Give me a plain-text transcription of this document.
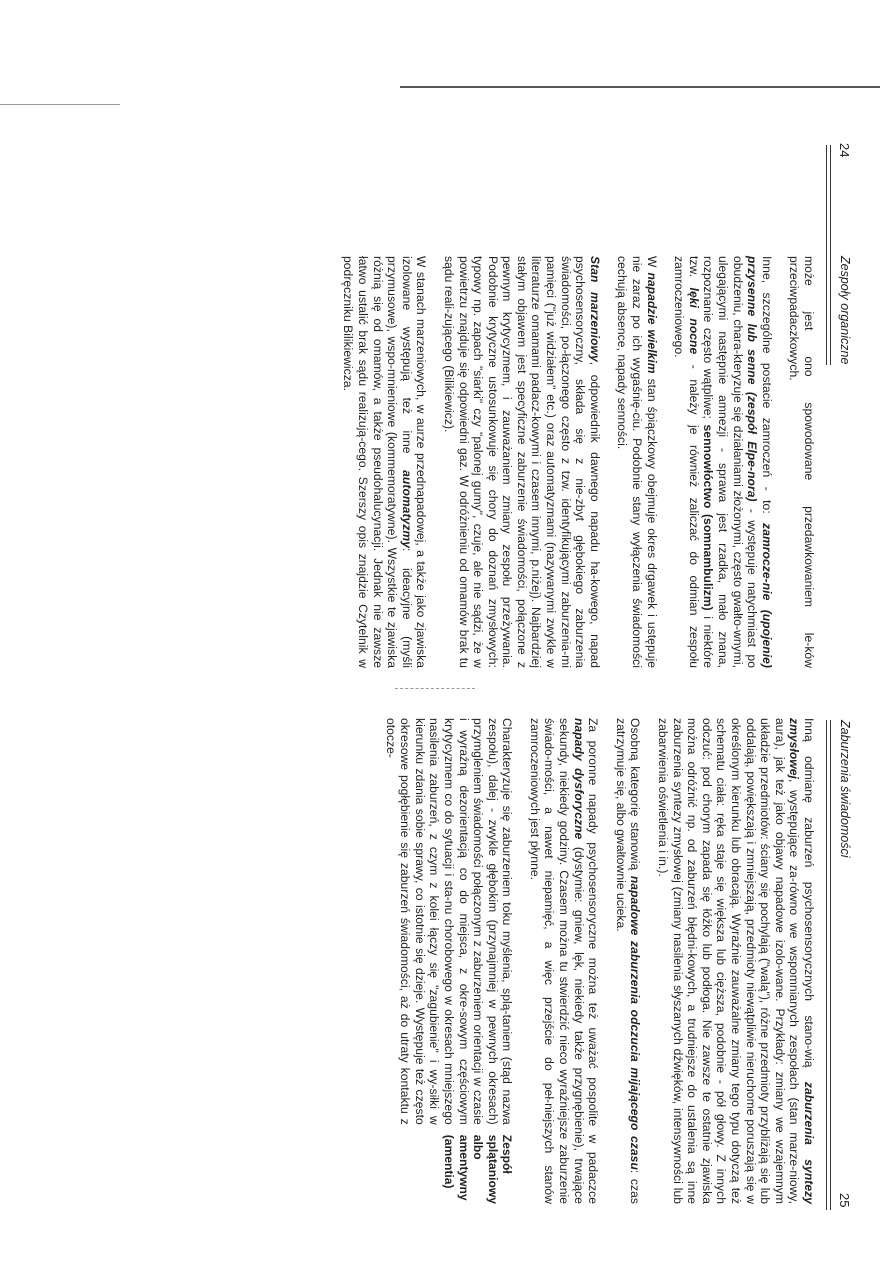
24
Zespoły organiczne

może jest ono spowodowane przedawkowaniem le-ków przeciwpadaczkowych.

Inne, szczególne postacie zamroczeń - to: zamrocze-nie (upojenie) przysenne lub senne (zespół Elpe-nora) - występuje natychmiast po obudzeniu, chara-kteryzuje się działaniami złożonymi, często gwałto-wnymi, ulegającymi następnie amnezji - sprawa jest rzadka, mało znana, rozpoznanie często wątpliwe; sennowłóctwo (somnambulizm) i niektóre tzw. lęki nocne - należy je również zaliczać do odmian zespołu zamroczeniowego.

W napadzie wielkim stan śpiączkowy obejmuje okres drgawek i ustępuje nie zaraz po ich wygaśnię-ciu. Podobnie stany wyłączenia świadomości cechują absence, napady senności.

Stan marzeniowy, odpowiednik dawnego napadu ha-kowego, napad psychosensoryczny, składa się z nie-zbyt głębokiego zaburzenia świadomości, po-łączonego często z tzw. identyfikującymi zaburzenia-mi pamięci ("już widziałem" etc.) oraz automatyzmami (nazywanymi zwykle w literaturze omamami padacz-kowymi i czasem innymi, p.niżej). Najbardziej stałym objawem jest specyficzne zaburzenie świadomości, połączone z pewnym krytycyzmem, i zauważaniem zmiany zespołu przeżywania. Podobnie krytyczne ustosunkowuje się chory do doznań zmysłowych: typowy np. zapach "siarki" czy "palonej gumy", czuje, ale nie sądzi, że w powietrzu znajduje się odpowiedni gaz. W odróżnieniu od omamów brak tu sądu reali-zującego (Bilikiewicz).

W stanach marzeniowych, w aurze przednapadowej, a także jako zjawiska izolowane występują też inne automatyzmy: ideacyjne (myśli przymusowe), wspo-mnieniowe (kommemoratywne). Wszystkie te zjawiska różnią się od omamów, a także pseudohalucynacji. Jednak nie zawsze łatwo ustalić brak sądu realizują-cego. Szerszy opis znajdzie Czytelnik w podręczniku Bilikiewicza.

Zaburzenia świadomości
25

Inną odmianę zaburzeń psychosensorycznych stano-wią zaburzenia syntezy zmysłowej, występujące za-równo we wspomnianych zespołach (stan marze-niowy, aura), jak też jako objawy napadowe izolo-wane. Przykłady: zmiany we wzajemnym układzie przedmiotów: ściany się pochylają ("walą"), różne przedmioty przybliżają się lub oddalają, powiększają i zmniejszają, przedmioty niewątpliwie nieruchome poruszają się w określonym kierunku lub obracają. Wyraźnie zauważalne zmiany tego typu dotyczą też schematu ciała: ręka staje się większa lub cięższa, podobnie - pół głowy. Z innych odczuć: pod chorym zapada się łóżko lub podłoga. Nie zawsze te ostatnie zjawiska można odróżnić np. od zaburzeń błędni-kowych, a trudniejsze do ustalenia są inne zaburzenia syntezy zmysłowej (zmiany nasilenia słyszanych dźwięków, intensywności lub zabarwienia oświetlenia i in.).

Osobną kategorię stanowią napadowe zaburzenia odczucia mijającego czasu: czas zatrzymuje się, albo gwałtownie ucieka.

Za poronne napady psychosensoryczne można też uważać pospolite w padaczce napady dysforyczne (dystymie: gniew, lęk, niekiedy także przygnębienie), trwające sekundy, niekiedy godziny. Czasem można tu stwierdzić nieco wyraźniejsze zaburzenie świado-mości, a nawet niepamięć, a więc przejście do peł-niejszych stanów zamroczeniowych jest płynne.

Charakteryzuje się zaburzeniem toku myślenia, splą-taniem (stąd nazwa zespołu), dalej - zwykle głębokim (przynajmniej w pewnych okresach) przymgleniem świadomości połączonym z zaburzeniem orientacji w czasie i wyraźną dezorientacją co do miejsca, z okre-sowym częściowym krytycyzmem co do sytuacji i sta-nu chorobowego w okresach mniejszego nasilenia zaburzeń, z czym z kolei łączy się "zagubienie" i wy-siłki w kierunku zdania sobie sprawy, co istotnie się dzieje. Występuje też często okresowe pogłębienie się zaburzeń świadomości, aż do utraty kontaktu z otocze-

Zespół
splątaniowy
albo
amentywny
(amentia)
